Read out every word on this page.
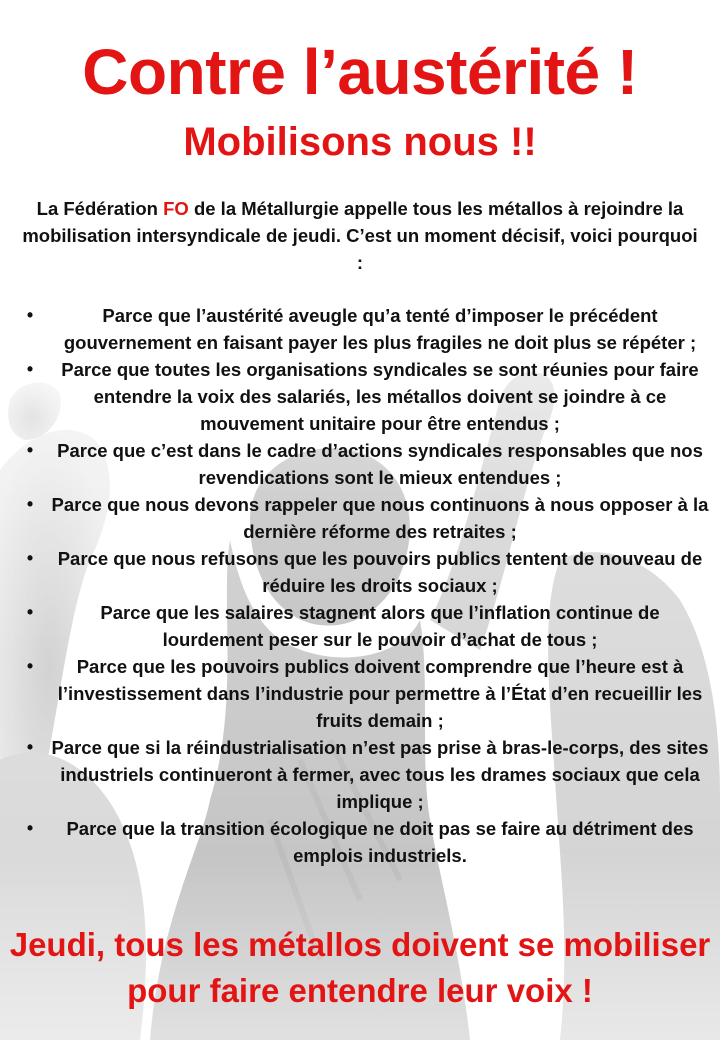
Contre l’austérité !
Mobilisons nous !!
La Fédération FO de la Métallurgie appelle tous les métallos à rejoindre la mobilisation intersyndicale de jeudi. C’est un moment décisif, voici pourquoi :
•	Parce que l’austérité aveugle qu’a tenté d’imposer le précédent gouvernement en faisant payer les plus fragiles ne doit plus se répéter ;
•	Parce que toutes les organisations syndicales se sont réunies pour faire entendre la voix des salariés, les métallos doivent se joindre à ce mouvement unitaire pour être entendus ;
•	Parce que c’est dans le cadre d’actions syndicales responsables que nos revendications sont le mieux entendues ;
• Parce que nous devons rappeler que nous continuons à nous opposer à la dernière réforme des retraites ;
•	Parce que nous refusons que les pouvoirs publics tentent de nouveau de réduire les droits sociaux ;
•	Parce que les salaires stagnent alors que l’inflation continue de lourdement peser sur le pouvoir d’achat de tous ;
•	Parce que les pouvoirs publics doivent comprendre que l’heure est à l’investissement dans l’industrie pour permettre à l’État d’en recueillir les fruits demain ;
• Parce que si la réindustrialisation n’est pas prise à bras-le-corps, des sites industriels continueront à fermer, avec tous les drames sociaux que cela implique ;
•	Parce que la transition écologique ne doit pas se faire au détriment des emplois industriels.
Jeudi, tous les métallos doivent se mobiliser pour faire entendre leur voix !
